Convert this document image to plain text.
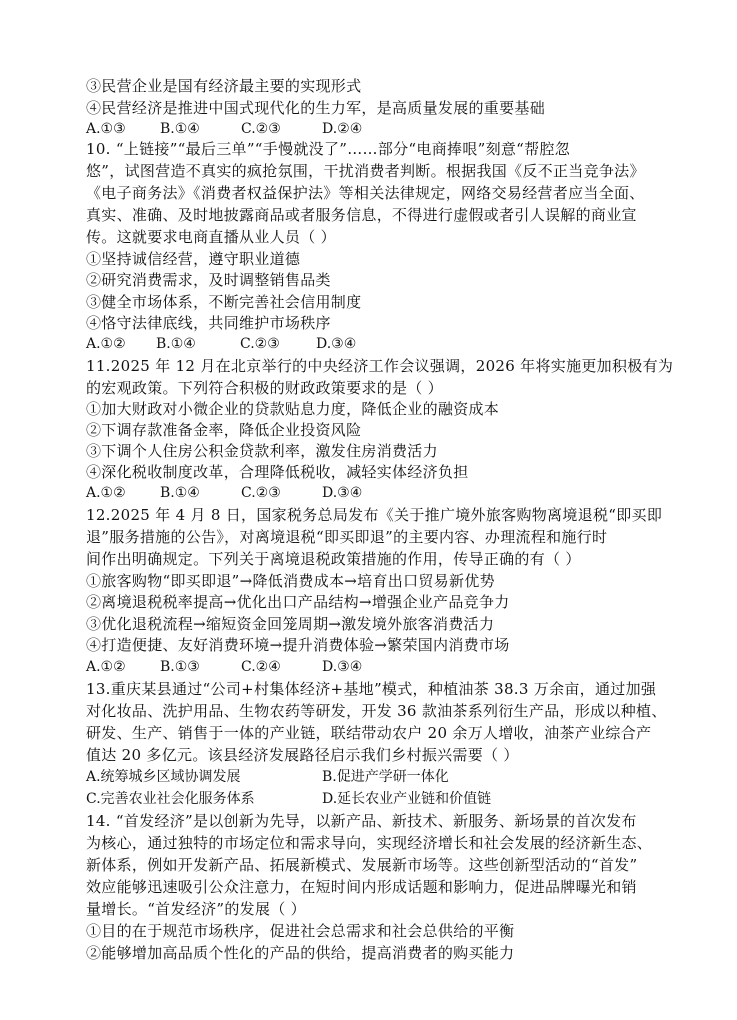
③民营企业是国有经济最主要的实现形式
④民营经济是推进中国式现代化的生力军，是高质量发展的重要基础
A.①③ B.①④	C.②③	D.②④
10. “上链接”“最后三单”“手慢就没了”……部分“电商捧哏”刻意“帮腔忽
悠”，试图营造不真实的疯抢氛围，干扰消费者判断。根据我国《反不正当竞争法》
《电子商务法》《消费者权益保护法》等相关法律规定，网络交易经营者应当全面、
真实、准确、及时地披露商品或者服务信息，不得进行虚假或者引人误解的商业宣
传。这就要求电商直播从业人员（ ）
①坚持诚信经营，遵守职业道德
②研究消费需求，及时调整销售品类
③健全市场体系，不断完善社会信用制度
④恪守法律底线，共同维护市场秩序
A.①② B.①④	C.②③	D.③④
11.2025 年 12 月在北京举行的中央经济工作会议强调，2026 年将实施更加积极有为
的宏观政策。下列符合积极的财政政策要求的是（ ）
①加大财政对小微企业的贷款贴息力度，降低企业的融资成本
②下调存款准备金率，降低企业投资风险
③下调个人住房公积金贷款利率，激发住房消费活力
④深化税收制度改革，合理降低税收，减轻实体经济负担
A.①② B.①④	C.②③	D.③④
12.2025 年 4 月 8 日，国家税务总局发布《关于推广境外旅客购物离境退税“即买即
退”服务措施的公告》，对离境退税“即买即退”的主要内容、办理流程和施行时
间作出明确规定。下列关于离境退税政策措施的作用，传导正确的有（ ）
①旅客购物“即买即退”→降低消费成本→培育出口贸易新优势
②离境退税税率提高→优化出口产品结构→增强企业产品竞争力
③优化退税流程→缩短资金回笼周期→激发境外旅客消费活力
④打造便捷、友好消费环境→提升消费体验→繁荣国内消费市场
A.①② B.①③	C.②④	D.③④
13.重庆某县通过“公司+村集体经济+基地”模式，种植油茶 38.3 万余亩，通过加强
对化妆品、洗护用品、生物农药等研发，开发 36 款油茶系列衍生产品，形成以种植、
研发、生产、销售于一体的产业链，联结带动农户 20 余万人增收，油茶产业综合产
值达 20 多亿元。该县经济发展路径启示我们乡村振兴需要（ ）
A.统筹城乡区域协调发展	B.促进产学研一体化
C.完善农业社会化服务体系	D.延长农业产业链和价值链
14. “首发经济”是以创新为先导，以新产品、新技术、新服务、新场景的首次发布
为核心，通过独特的市场定位和需求导向，实现经济增长和社会发展的经济新生态、
新体系，例如开发新产品、拓展新模式、发展新市场等。这些创新型活动的“首发”
效应能够迅速吸引公众注意力，在短时间内形成话题和影响力，促进品牌曝光和销
量增长。“首发经济”的发展（ ）
①目的在于规范市场秩序，促进社会总需求和社会总供给的平衡
②能够增加高品质个性化的产品的供给，提高消费者的购买能力
